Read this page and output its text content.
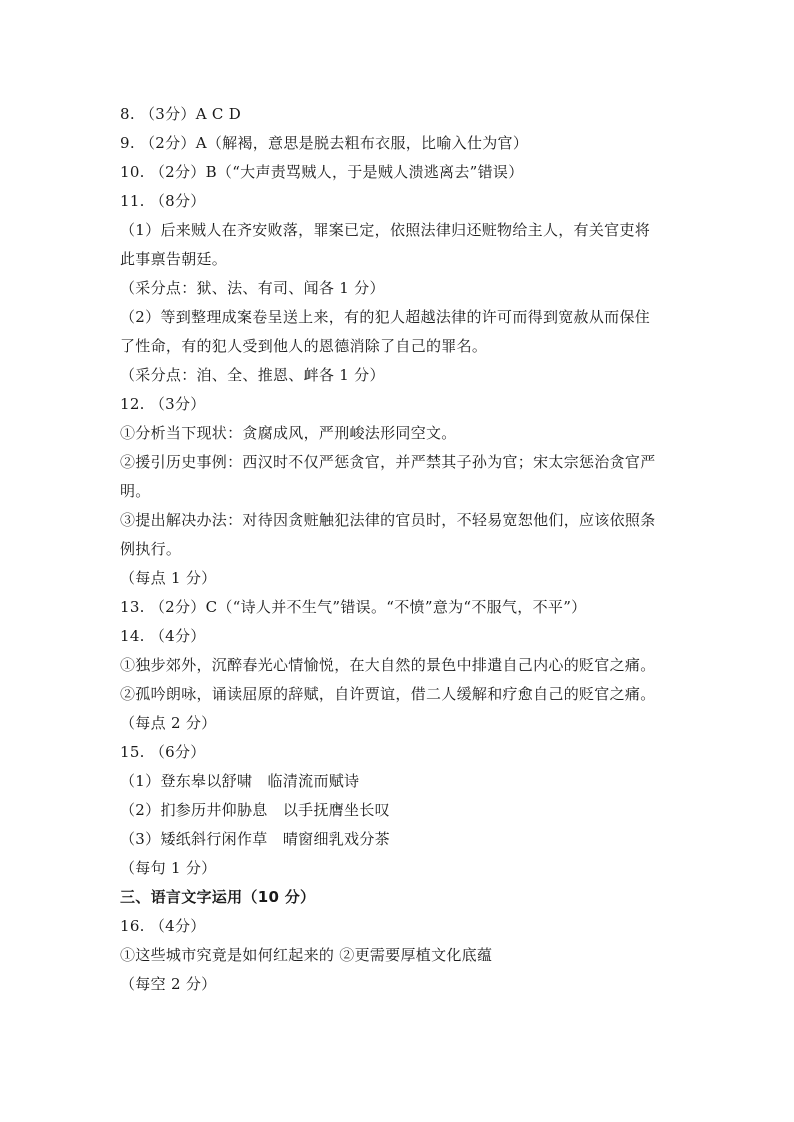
8. （3分）A C D
9. （2分）A（解褐，意思是脱去粗布衣服，比喻入仕为官）
10. （2分）B（“大声责骂贼人，于是贼人溃逃离去”错误）
11. （8分）
（1）后来贼人在齐安败落，罪案已定，依照法律归还赃物给主人，有关官吏将
此事禀告朝廷。
（采分点：狱、法、有司、闻各 1 分）
（2）等到整理成案卷呈送上来，有的犯人超越法律的许可而得到宽赦从而保住
了性命，有的犯人受到他人的恩德消除了自己的罪名。
（采分点：洎、全、推恩、衅各 1 分）
12. （3分）
①分析当下现状：贪腐成风，严刑峻法形同空文。
②援引历史事例：西汉时不仅严惩贪官，并严禁其子孙为官；宋太宗惩治贪官严
明。
③提出解决办法：对待因贪赃触犯法律的官员时，不轻易宽恕他们，应该依照条
例执行。
（每点 1 分）
13. （2分）C（“诗人并不生气”错误。“不愤”意为“不服气，不平”）
14. （4分）
①独步郊外，沉醉春光心情愉悦，在大自然的景色中排遣自己内心的贬官之痛。
②孤吟朗咏，诵读屈原的辞赋，自许贾谊，借二人缓解和疗愈自己的贬官之痛。
（每点 2 分）
15. （6分）
（1）登东皋以舒啸　临清流而赋诗
（2）扪参历井仰胁息　以手抚膺坐长叹
（3）矮纸斜行闲作草　晴窗细乳戏分茶
（每句 1 分）
三、语言文字运用（10 分）
16. （4分）
①这些城市究竟是如何红起来的 ②更需要厚植文化底蕴
（每空 2 分）
